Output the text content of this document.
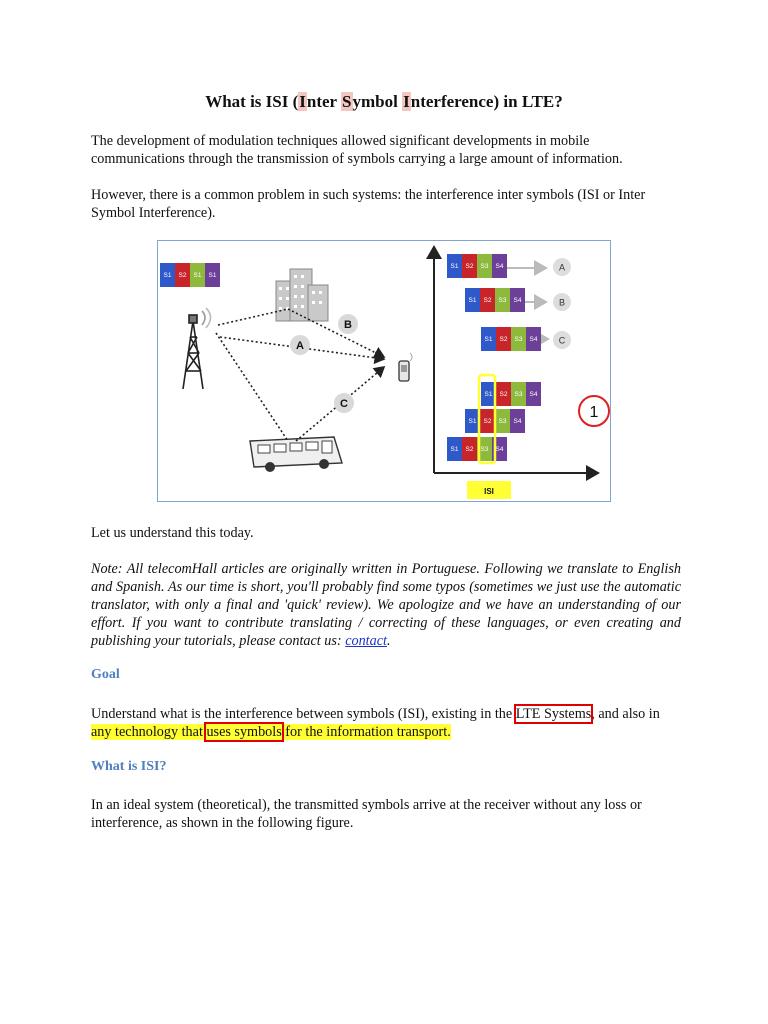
What is ISI (Inter Symbol Interference) in LTE?
The development of modulation techniques allowed significant developments in mobile communications through the transmission of symbols carrying a large amount of information.
However, there is a common problem in such systems: the interference inter symbols (ISI or Inter Symbol Interference).
S1 S2 S1 S1
A
B
C
S1 S2 S3 S4	A
S1 S2 S3 S4	B
S1 S2 S3 S4 C
S1 S2 S3 S4
S1 S2 S3 S4
S1 S2 S3 S4
1
ISI
Let us understand this today.
Note: All telecomHall articles are originally written in Portuguese. Following we translate to English and Spanish. As our time is short, you'll probably find some typos (sometimes we just use the automatic translator, with only a final and 'quick' review). We apologize and we have an understanding of our effort. If you want to contribute translating / correcting of these languages, or even creating and publishing your tutorials, please contact us: contact.
Goal
Understand what is the interference between symbols (ISI), existing in the LTE Systems, and also in any technology that uses symbols for the information transport.
What is ISI?
In an ideal system (theoretical), the transmitted symbols arrive at the receiver without any loss or interference, as shown in the following figure.
